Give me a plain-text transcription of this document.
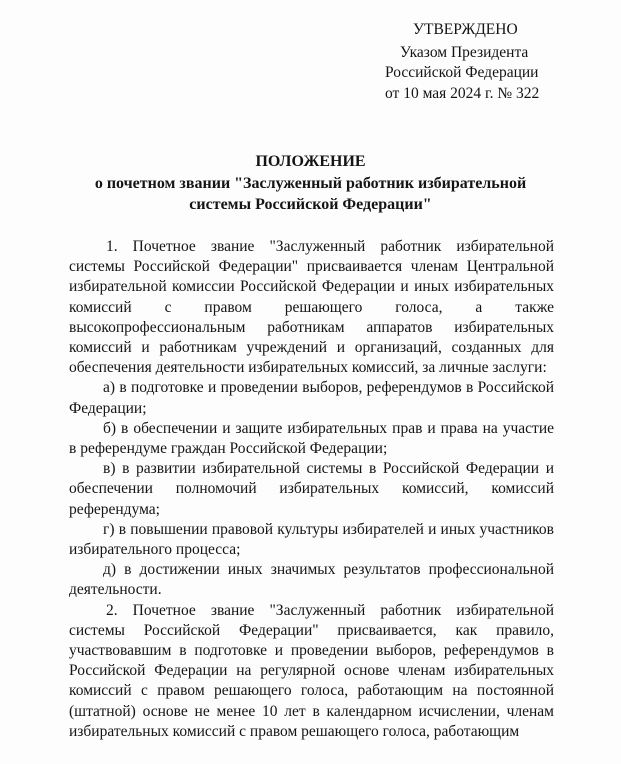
УТВЕРЖДЕНО
Указом Президента
Российской Федерации
от 10 мая 2024 г. № 322
ПОЛОЖЕНИЕ
о почетном звании "Заслуженный работник избирательной
системы Российской Федерации"

1. Почетное звание "Заслуженный работник избирательной системы Российской Федерации" присваивается членам Центральной избирательной комиссии Российской Федерации и иных избирательных комиссий с правом решающего голоса, а также высокопрофессиональным работникам аппаратов избирательных комиссий и работникам учреждений и организаций, созданных для обеспечения деятельности избирательных комиссий, за личные заслуги:

а) в подготовке и проведении выборов, референдумов в Российской Федерации;

б) в обеспечении и защите избирательных прав и права на участие в референдуме граждан Российской Федерации;

в) в развитии избирательной системы в Российской Федерации и обеспечении полномочий избирательных комиссий, комиссий референдума;

г) в повышении правовой культуры избирателей и иных участников избирательного процесса;

д) в достижении иных значимых результатов профессиональной деятельности.

2. Почетное звание "Заслуженный работник избирательной системы Российской Федерации" присваивается, как правило, участвовавшим в подготовке и проведении выборов, референдумов в Российской Федерации на регулярной основе членам избирательных комиссий с правом решающего голоса, работающим на постоянной (штатной) основе не менее 10 лет в календарном исчислении, членам избирательных комиссий с правом решающего голоса, работающим
